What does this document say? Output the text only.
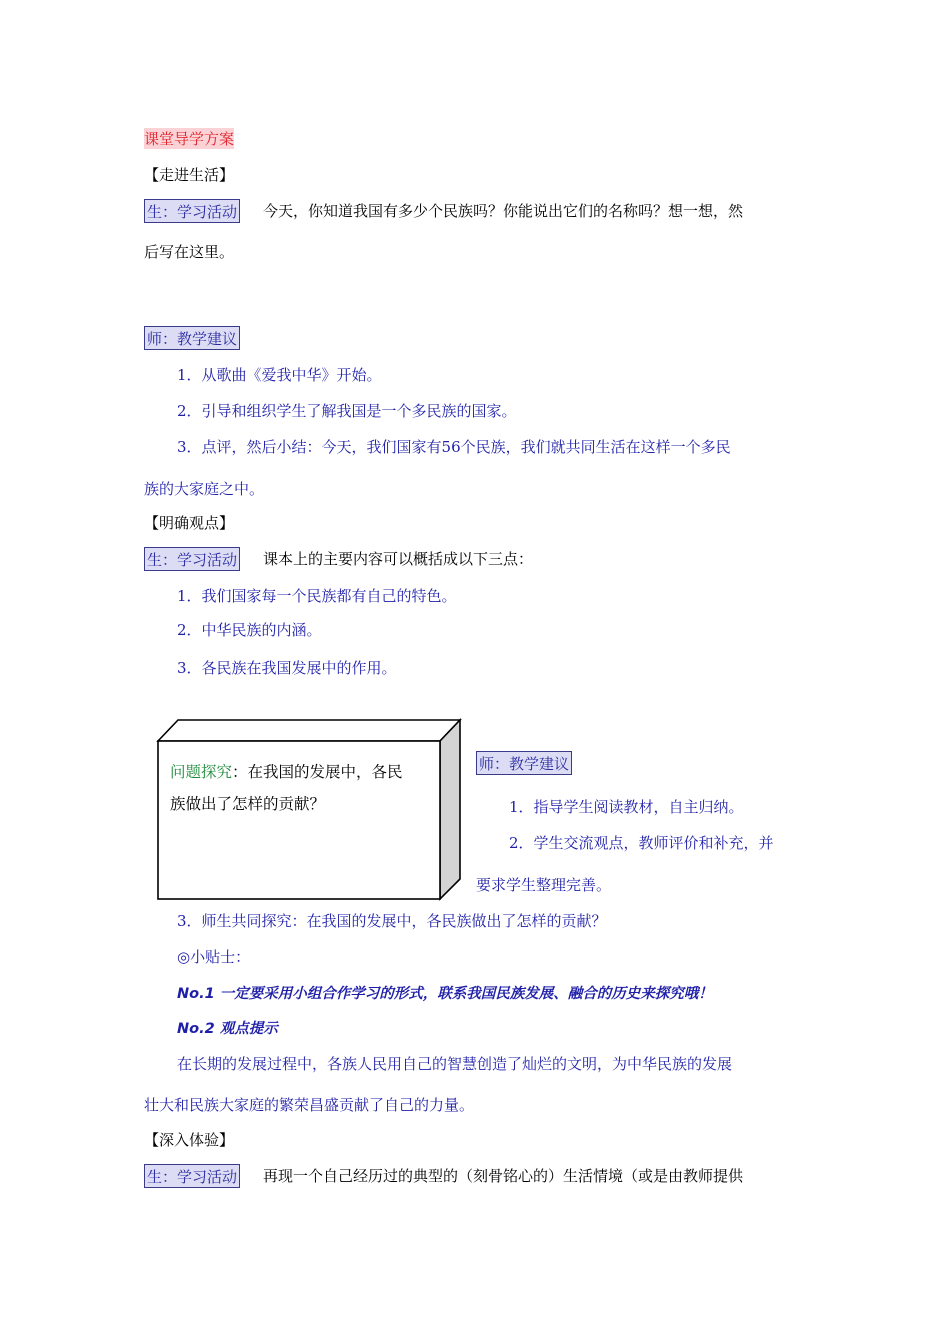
课堂导学方案
【走进生活】
生：学习活动 今天，你知道我国有多少个民族吗？你能说出它们的名称吗？想一想，然
后写在这里。
师：教学建议
1．从歌曲《爱我中华》开始。
2．引导和组织学生了解我国是一个多民族的国家。
3．点评，然后小结：今天，我们国家有56个民族，我们就共同生活在这样一个多民
族的大家庭之中。
【明确观点】
生：学习活动 课本上的主要内容可以概括成以下三点：
1．我们国家每一个民族都有自己的特色。
2．中华民族的内涵。
3．各民族在我国发展中的作用。
问题探究：在我国的发展中，各民
族做出了怎样的贡献？
师：教学建议
1．指导学生阅读教材，自主归纳。
2．学生交流观点，教师评价和补充，并
要求学生整理完善。
3．师生共同探究：在我国的发展中，各民族做出了怎样的贡献？
◎小贴士：
No.1 一定要采用小组合作学习的形式，联系我国民族发展、融合的历史来探究哦！
No.2 观点提示
在长期的发展过程中，各族人民用自己的智慧创造了灿烂的文明，为中华民族的发展
壮大和民族大家庭的繁荣昌盛贡献了自己的力量。
【深入体验】
生：学习活动 再现一个自己经历过的典型的（刻骨铭心的）生活情境（或是由教师提供
